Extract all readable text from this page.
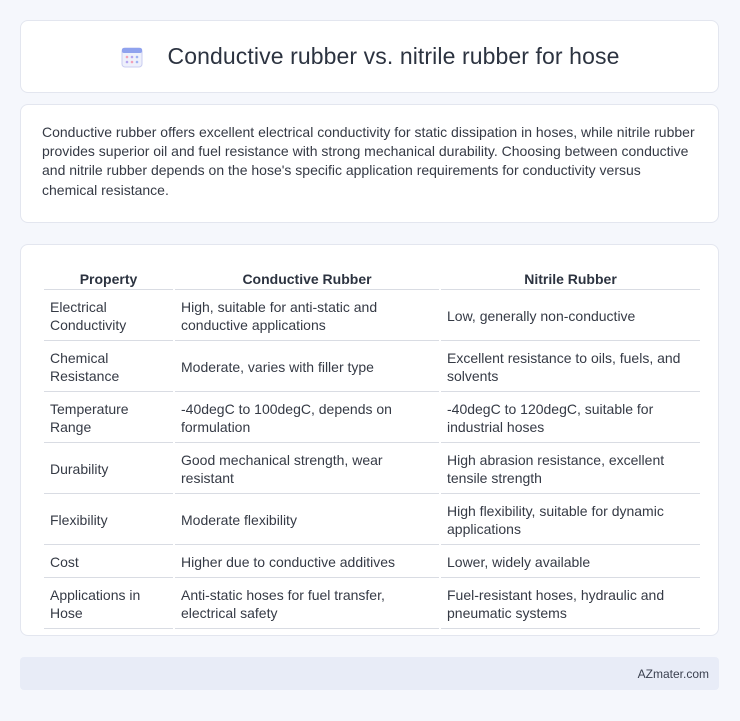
Conductive rubber vs. nitrile rubber for hose

Conductive rubber offers excellent electrical conductivity for static dissipation in hoses, while nitrile rubber provides superior oil and fuel resistance with strong mechanical durability. Choosing between conductive and nitrile rubber depends on the hose's specific application requirements for conductivity versus chemical resistance.

Property	Conductive Rubber	Nitrile Rubber
Electrical Conductivity	High, suitable for anti-static and conductive applications	Low, generally non-conductive
Chemical Resistance	Moderate, varies with filler type	Excellent resistance to oils, fuels, and solvents
Temperature Range	-40degC to 100degC, depends on formulation	-40degC to 120degC, suitable for industrial hoses
Durability	Good mechanical strength, wear resistant	High abrasion resistance, excellent tensile strength
Flexibility	Moderate flexibility	High flexibility, suitable for dynamic applications
Cost	Higher due to conductive additives	Lower, widely available
Applications in Hose	Anti-static hoses for fuel transfer, electrical safety	Fuel-resistant hoses, hydraulic and pneumatic systems
AZmater.com
